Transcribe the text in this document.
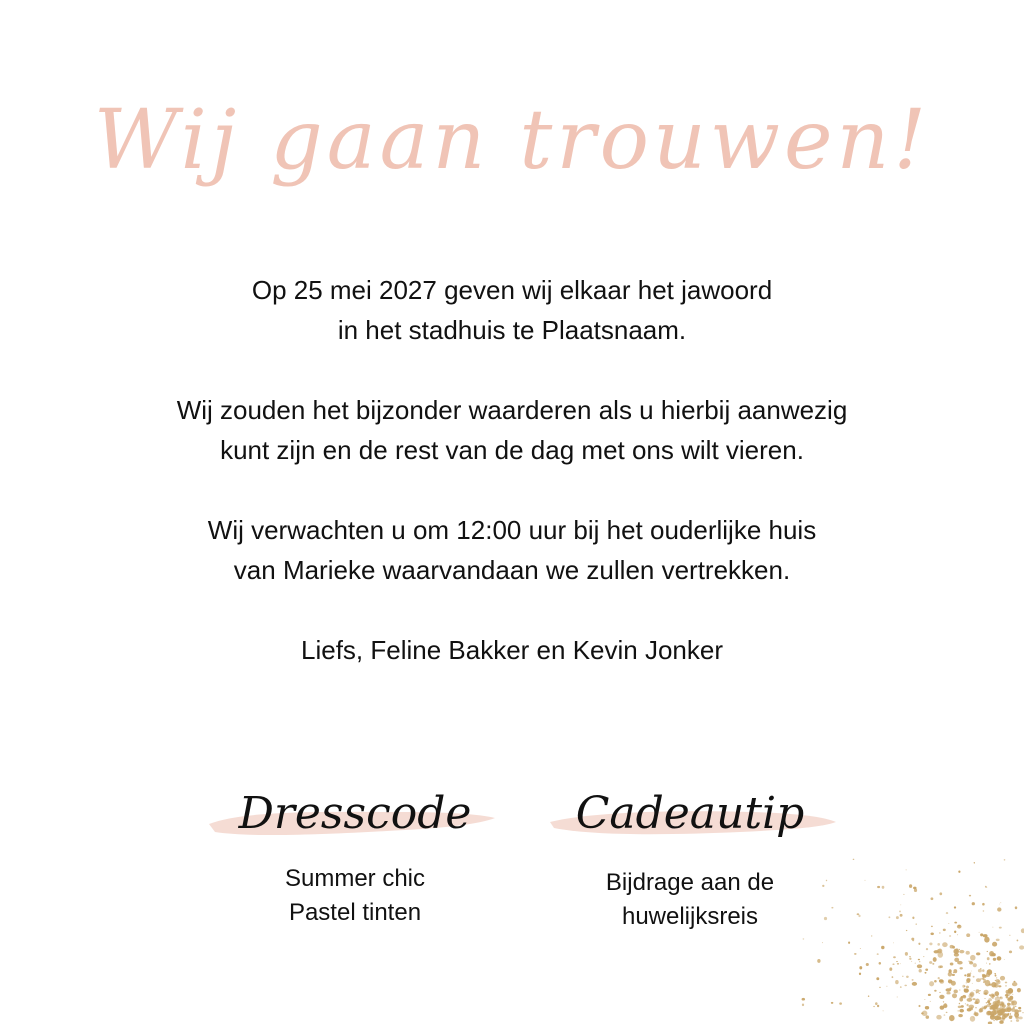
Wij gaan trouwen!

Op 25 mei 2027 geven wij elkaar het jawoord
in het stadhuis te Plaatsnaam.

Wij zouden het bijzonder waarderen als u hierbij aanwezig
kunt zijn en de rest van de dag met ons wilt vieren.

Wij verwachten u om 12:00 uur bij het ouderlijke huis
van Marieke waarvandaan we zullen vertrekken.

Liefs, Feline Bakker en Kevin Jonker

Dresscode
Summer chic
Pastel tinten
Cadeautip
Bijdrage aan de
huwelijksreis
